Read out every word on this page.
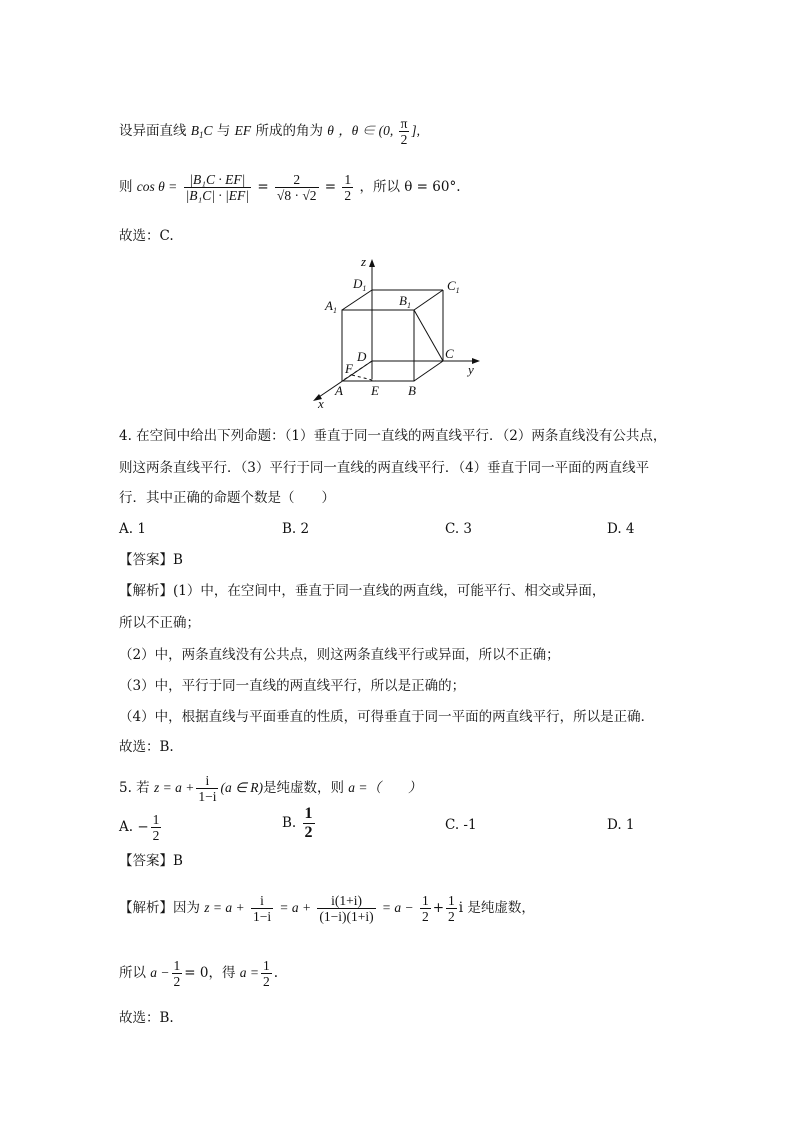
设异面直线 $B_1C$ 与 EF 所成的角为 θ ，θ ∈ (0, $\frac{\pi}{2}$ ],
则 $\cos \theta = \frac{\text{|B₁C · EF|}}{\text{|B₁C| · |EF|}} = \frac{2}{√8 \cdot √2} = \frac{1}{2}$ ，所以 θ = 60°.
故选：C.
z
y
x
$D_1$
$B_1$
$C_1$
$A_1$
D
F
C
A E B
4. 在空间中给出下列命题：（1）垂直于同一直线的两直线平行．（2）两条直线没有公共点，
则这两条直线平行．（3）平行于同一直线的两直线平行．（4）垂直于同一平面的两直线平
行．其中正确的命题个数是（　　）
A. 1	B. 2	C. 3	D. 4
【答案】B
【解析】(1）中，在空间中，垂直于同一直线的两直线，可能平行、相交或异面，
所以不正确；
（2）中，两条直线没有公共点，则这两条直线平行或异面，所以不正确；
（3）中，平行于同一直线的两直线平行，所以是正确的；
（4）中，根据直线与平面垂直的性质，可得垂直于同一平面的两直线平行，所以是正确．
故选：B.
5. 若 $z = a + \frac{i}{1-i} (a$ ∈ R)是纯虚数，则 a =（　　）
A. − $\frac{1}{2}$	B. $\frac{1}{2}$	C. -1	D. 1
【答案】B
【解析】因为 $z = a + \frac{i}{1-i} = a + \frac{i(1+i)}{(1-i)(1+i)} = a - \frac{1}{2} + \frac{1}{2}$ i 是纯虚数，
所以 $a - \frac{1}{2} = 0$，得 $a = \frac{1}{2}$ .
故选：B.
